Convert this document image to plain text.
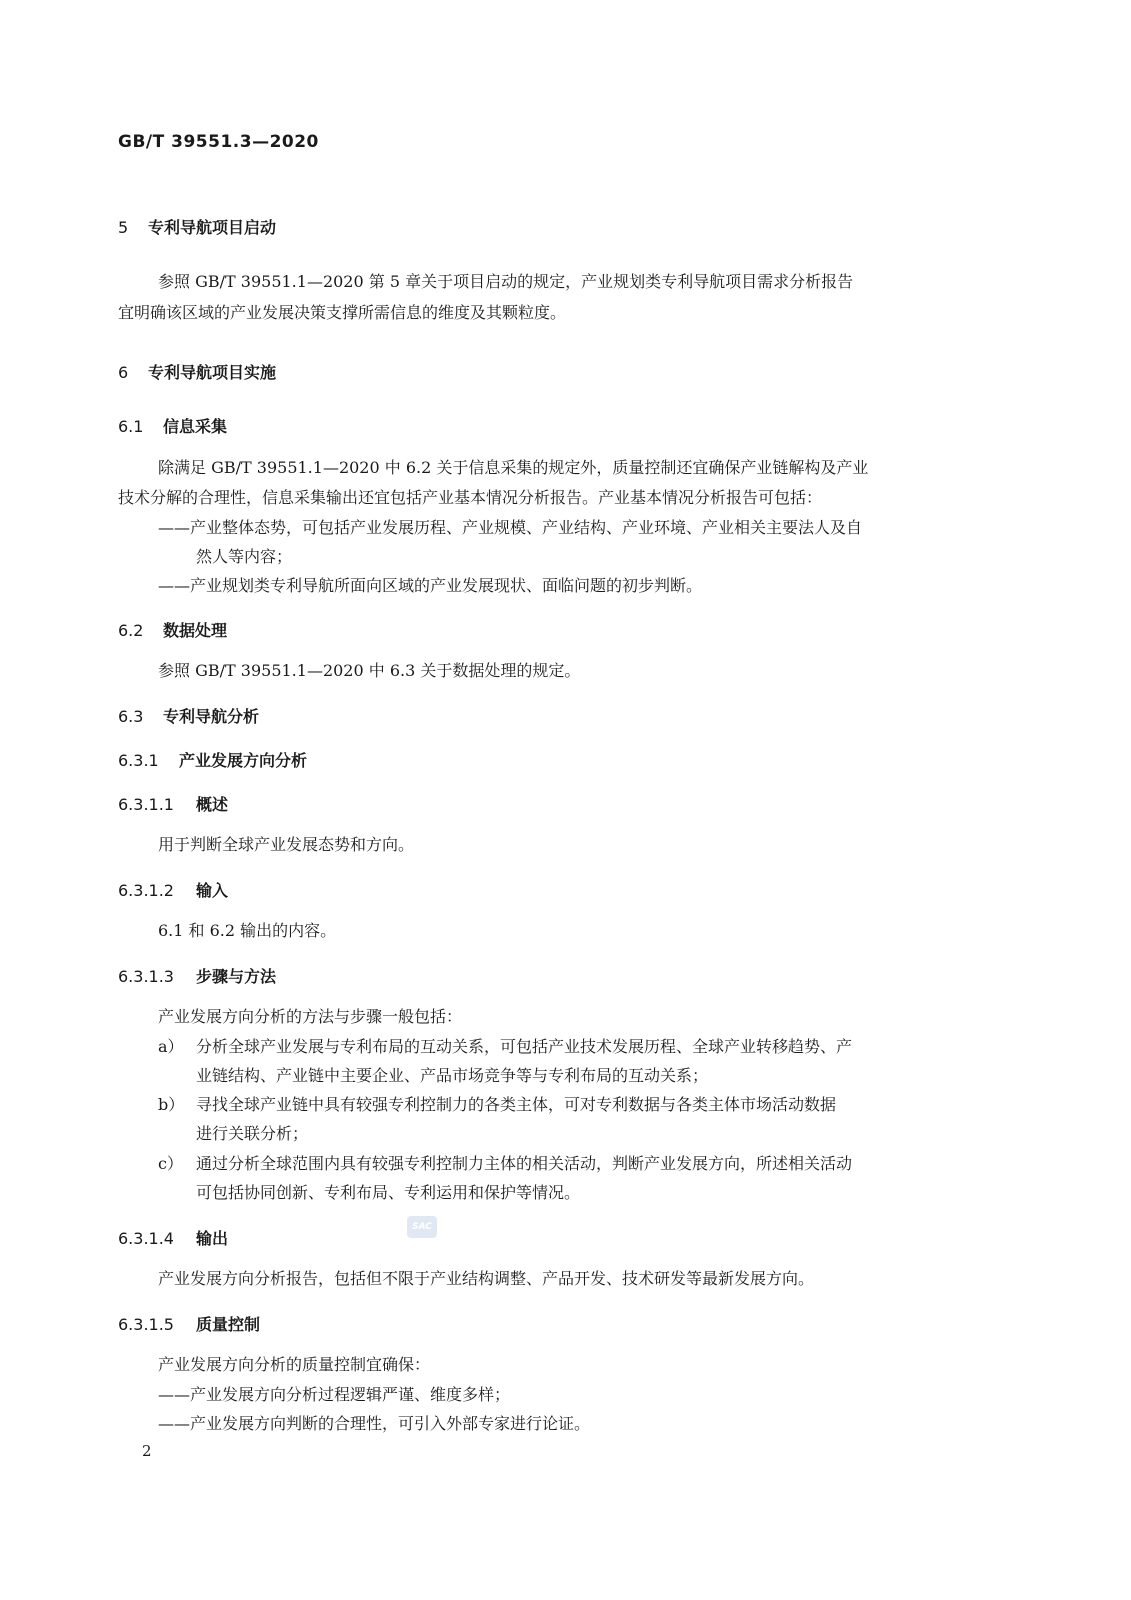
GB/T 39551.3—2020
5 专利导航项目启动
参照 GB/T 39551.1—2020 第 5 章关于项目启动的规定，产业规划类专利导航项目需求分析报告
宜明确该区域的产业发展决策支撑所需信息的维度及其颗粒度。
6 专利导航项目实施
6.1 信息采集
除满足 GB/T 39551.1—2020 中 6.2 关于信息采集的规定外，质量控制还宜确保产业链解构及产业
技术分解的合理性，信息采集输出还宜包括产业基本情况分析报告。产业基本情况分析报告可包括：
——产业整体态势，可包括产业发展历程、产业规模、产业结构、产业环境、产业相关主要法人及自
然人等内容；
——产业规划类专利导航所面向区域的产业发展现状、面临问题的初步判断。
6.2 数据处理
参照 GB/T 39551.1—2020 中 6.3 关于数据处理的规定。
6.3 专利导航分析
6.3.1 产业发展方向分析
6.3.1.1 概述
用于判断全球产业发展态势和方向。
6.3.1.2 输入
6.1 和 6.2 输出的内容。
6.3.1.3 步骤与方法
产业发展方向分析的方法与步骤一般包括：
a） 分析全球产业发展与专利布局的互动关系，可包括产业技术发展历程、全球产业转移趋势、产
业链结构、产业链中主要企业、产品市场竞争等与专利布局的互动关系；
b） 寻找全球产业链中具有较强专利控制力的各类主体，可对专利数据与各类主体市场活动数据
进行关联分析；
c） 通过分析全球范围内具有较强专利控制力主体的相关活动，判断产业发展方向，所述相关活动
可包括协同创新、专利布局、专利运用和保护等情况。
SAC
6.3.1.4 输出
产业发展方向分析报告，包括但不限于产业结构调整、产品开发、技术研发等最新发展方向。
6.3.1.5 质量控制
产业发展方向分析的质量控制宜确保：
——产业发展方向分析过程逻辑严谨、维度多样；
——产业发展方向判断的合理性，可引入外部专家进行论证。
2
